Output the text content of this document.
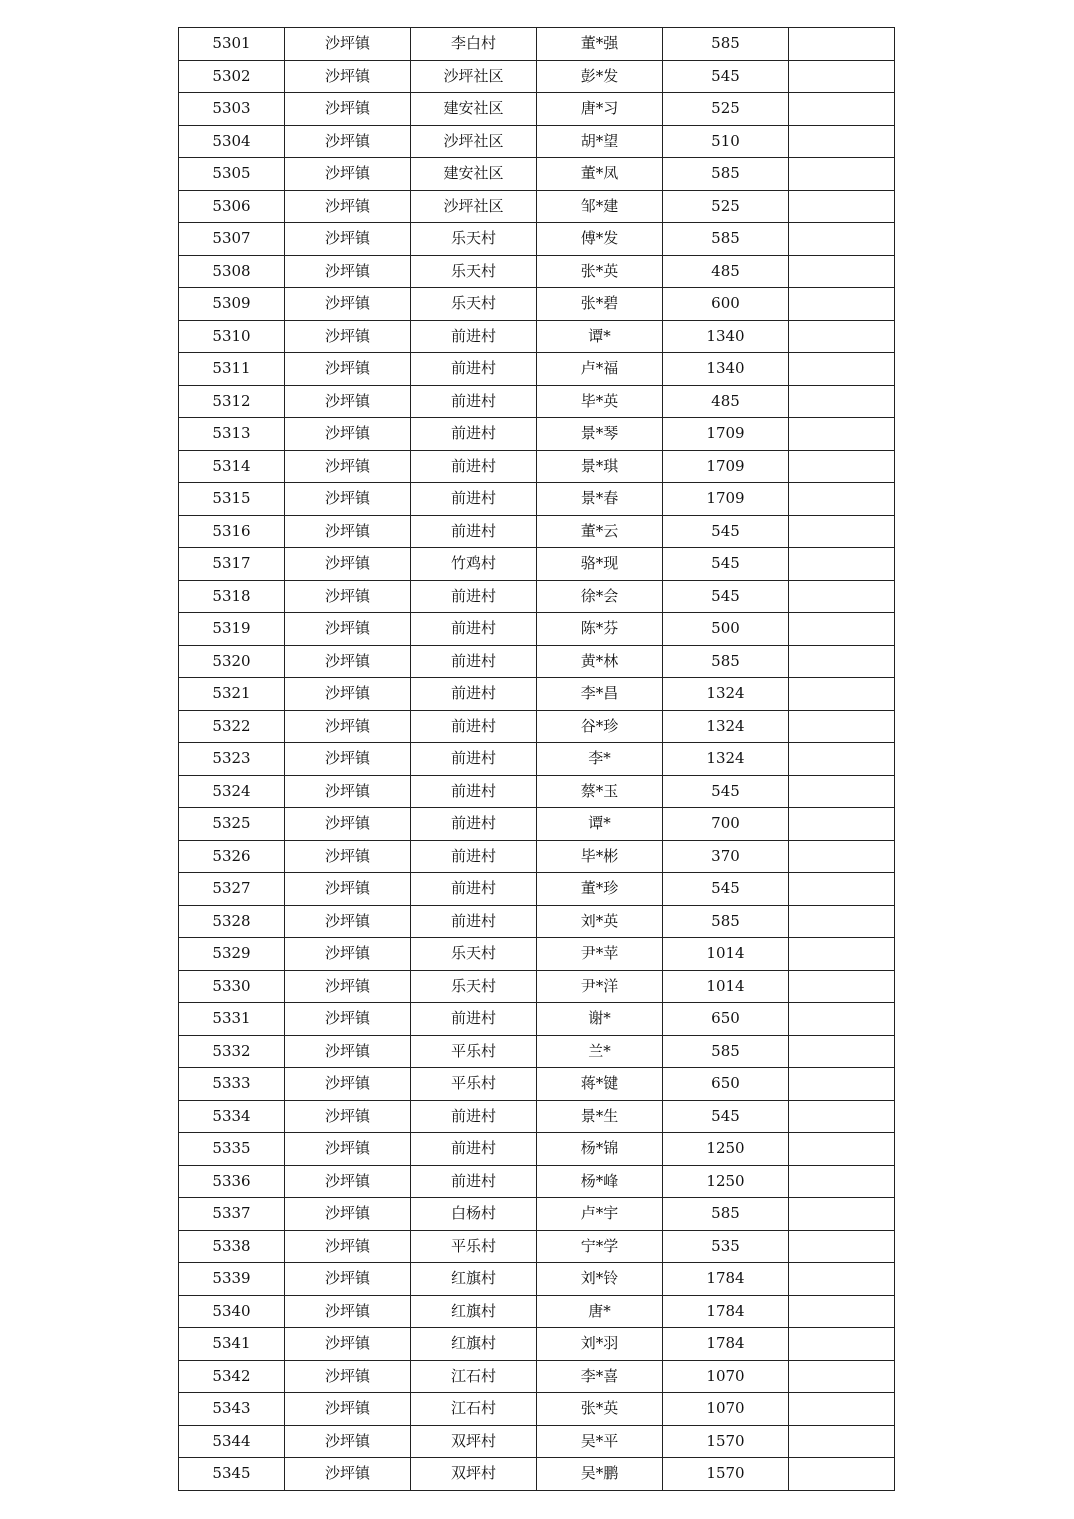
5301	沙坪镇	李白村	董*强	585	
5302	沙坪镇	沙坪社区	彭*发	545	
5303	沙坪镇	建安社区	唐*习	525	
5304	沙坪镇	沙坪社区	胡*望	510	
5305	沙坪镇	建安社区	董*凤	585	
5306	沙坪镇	沙坪社区	邹*建	525	
5307	沙坪镇	乐天村	傅*发	585	
5308	沙坪镇	乐天村	张*英	485	
5309	沙坪镇	乐天村	张*碧	600	
5310	沙坪镇	前进村	谭*	1340	
5311	沙坪镇	前进村	卢*福	1340	
5312	沙坪镇	前进村	毕*英	485	
5313	沙坪镇	前进村	景*琴	1709	
5314	沙坪镇	前进村	景*琪	1709	
5315	沙坪镇	前进村	景*春	1709	
5316	沙坪镇	前进村	董*云	545	
5317	沙坪镇	竹鸡村	骆*现	545	
5318	沙坪镇	前进村	徐*会	545	
5319	沙坪镇	前进村	陈*芬	500	
5320	沙坪镇	前进村	黄*林	585	
5321	沙坪镇	前进村	李*昌	1324	
5322	沙坪镇	前进村	谷*珍	1324	
5323	沙坪镇	前进村	李*	1324	
5324	沙坪镇	前进村	蔡*玉	545	
5325	沙坪镇	前进村	谭*	700	
5326	沙坪镇	前进村	毕*彬	370	
5327	沙坪镇	前进村	董*珍	545	
5328	沙坪镇	前进村	刘*英	585	
5329	沙坪镇	乐天村	尹*苹	1014	
5330	沙坪镇	乐天村	尹*洋	1014	
5331	沙坪镇	前进村	谢*	650	
5332	沙坪镇	平乐村	兰*	585	
5333	沙坪镇	平乐村	蒋*键	650	
5334	沙坪镇	前进村	景*生	545	
5335	沙坪镇	前进村	杨*锦	1250	
5336	沙坪镇	前进村	杨*峰	1250	
5337	沙坪镇	白杨村	卢*宇	585	
5338	沙坪镇	平乐村	宁*学	535	
5339	沙坪镇	红旗村	刘*铃	1784	
5340	沙坪镇	红旗村	唐*	1784	
5341	沙坪镇	红旗村	刘*羽	1784	
5342	沙坪镇	江石村	李*喜	1070	
5343	沙坪镇	江石村	张*英	1070	
5344	沙坪镇	双坪村	吴*平	1570	
5345	沙坪镇	双坪村	吴*鹏	1570	
